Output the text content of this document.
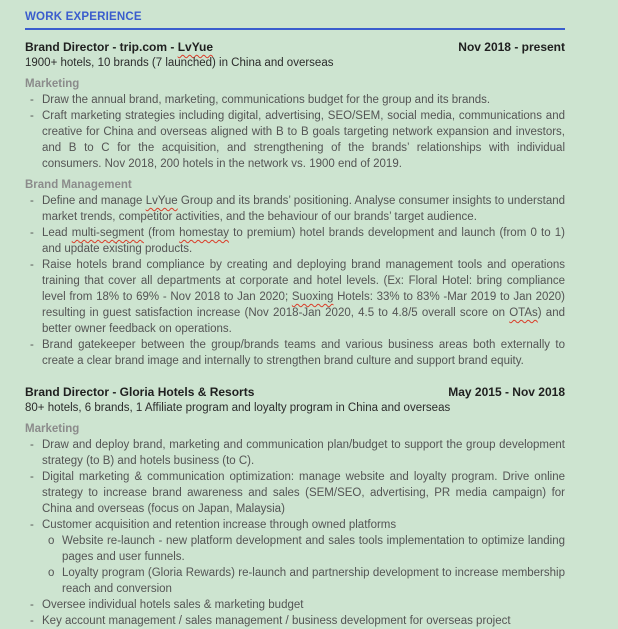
WORK EXPERIENCE
Brand Director - trip.com - LvYue	Nov 2018 - present
1900+ hotels, 10 brands (7 launched) in China and overseas
Marketing
-
Draw the annual brand, marketing, communications budget for the group and its brands.
-
Craft marketing strategies including digital, advertising, SEO/SEM, social media, communications and creative for China and overseas aligned with B to B goals targeting network expansion and investors, and B to C for the acquisition, and strengthening of the brands’ relationships with individual consumers. Nov 2018, 200 hotels in the network vs. 1900 end of 2019.
Brand Management
-
Define and manage LvYue Group and its brands’ positioning. Analyse consumer insights to understand market trends, competitor activities, and the behaviour of our brands’ target audience.
-
Lead multi-segment (from homestay to premium) hotel brands development and launch (from 0 to 1) and update existing products.
-
Raise hotels brand compliance by creating and deploying brand management tools and operations training that cover all departments at corporate and hotel levels. (Ex: Floral Hotel: bring compliance level from 18% to 69% - Nov 2018 to Jan 2020; Suoxing Hotels: 33% to 83% -Mar 2019 to Jan 2020) resulting in guest satisfaction increase (Nov 2018-Jan 2020, 4.5 to 4.8/5 overall score on OTAs) and better owner feedback on operations.
-
Brand gatekeeper between the group/brands teams and various business areas both externally to create a clear brand image and internally to strengthen brand culture and support brand equity.
Brand Director - Gloria Hotels & Resorts	May 2015 - Nov 2018
80+ hotels, 6 brands, 1 Affiliate program and loyalty program in China and overseas
Marketing
-
Draw and deploy brand, marketing and communication plan/budget to support the group development strategy (to B) and hotels business (to C).
-
Digital marketing & communication optimization: manage website and loyalty program. Drive online strategy to increase brand awareness and sales (SEM/SEO, advertising, PR media campaign) for China and overseas (focus on Japan, Malaysia)
-
Customer acquisition and retention increase through owned platforms
o
Website re-launch - new platform development and sales tools implementation to optimize landing pages and user funnels.
o
Loyalty program (Gloria Rewards) re-launch and partnership development to increase membership reach and conversion
-
Oversee individual hotels sales & marketing budget
-
Key account management / sales management / business development for overseas project
